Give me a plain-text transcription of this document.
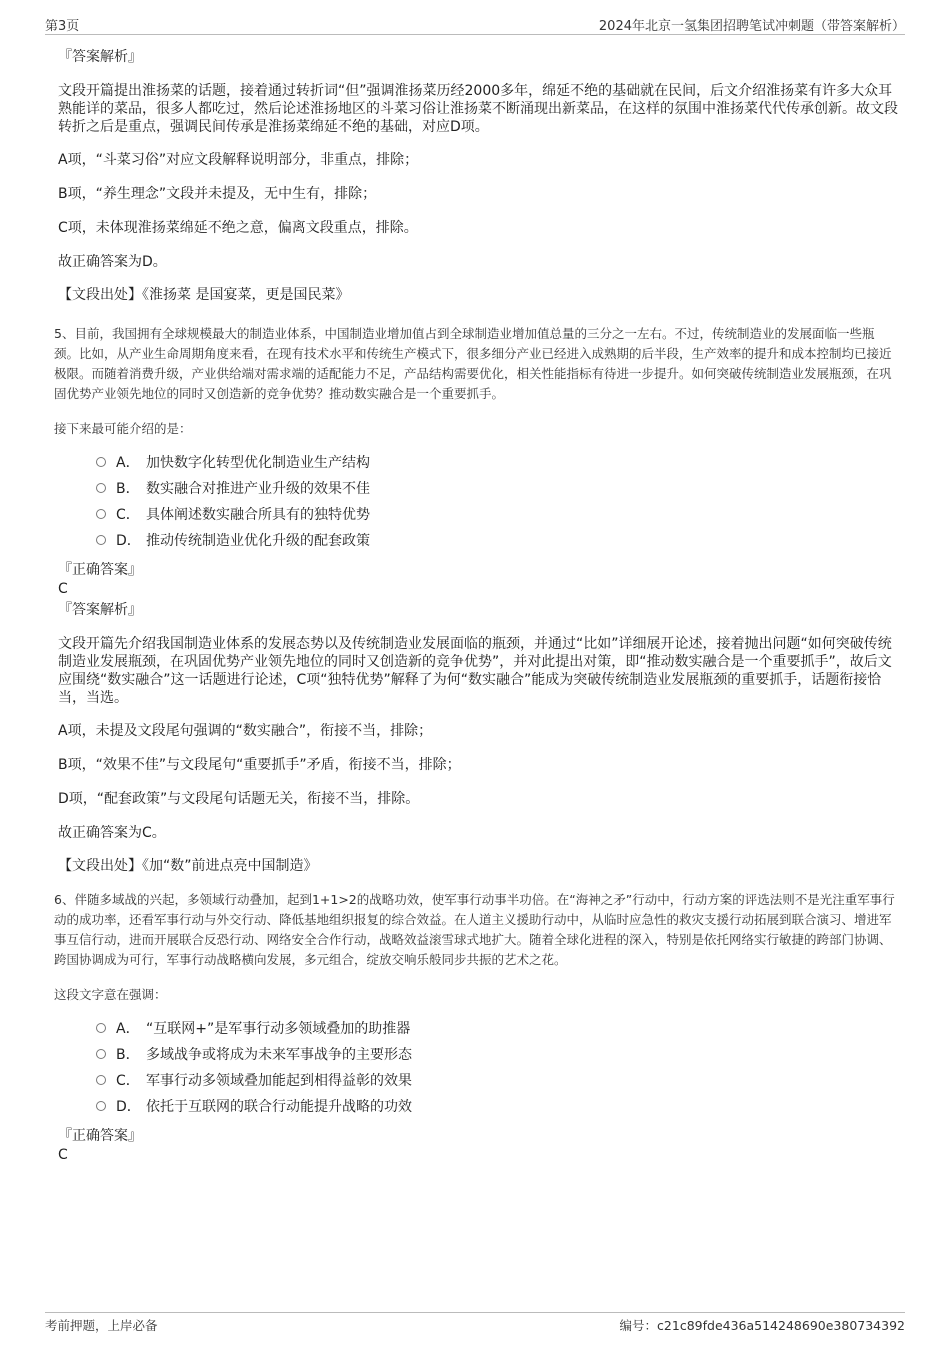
第3页	2024年北京一氢集团招聘笔试冲刺题（带答案解析）

『答案解析』

文段开篇提出淮扬菜的话题，接着通过转折词“但”强调淮扬菜历经2000多年，绵延不绝的基础就在民间，后文介绍淮扬菜有许多大众耳熟能详的菜品，很多人都吃过，然后论述淮扬地区的斗菜习俗让淮扬菜不断涌现出新菜品，在这样的氛围中淮扬菜代代传承创新。故文段转折之后是重点，强调民间传承是淮扬菜绵延不绝的基础，对应D项。

A项，“斗菜习俗”对应文段解释说明部分，非重点，排除；

B项，“养生理念”文段并未提及，无中生有，排除；

C项，未体现淮扬菜绵延不绝之意，偏离文段重点，排除。

故正确答案为D。

【文段出处】《淮扬菜 是国宴菜，更是国民菜》

5、目前，我国拥有全球规模最大的制造业体系，中国制造业增加值占到全球制造业增加值总量的三分之一左右。不过，传统制造业的发展面临一些瓶颈。比如，从产业生命周期角度来看，在现有技术水平和传统生产模式下，很多细分产业已经进入成熟期的后半段，生产效率的提升和成本控制均已接近极限。而随着消费升级，产业供给端对需求端的适配能力不足，产品结构需要优化，相关性能指标有待进一步提升。如何突破传统制造业发展瓶颈，在巩固优势产业领先地位的同时又创造新的竞争优势？推动数实融合是一个重要抓手。

接下来最可能介绍的是：

A． 加快数字化转型优化制造业生产结构
B． 数实融合对推进产业升级的效果不佳
C． 具体阐述数实融合所具有的独特优势
D． 推动传统制造业优化升级的配套政策

『正确答案』

C

『答案解析』

文段开篇先介绍我国制造业体系的发展态势以及传统制造业发展面临的瓶颈，并通过“比如”详细展开论述，接着抛出问题“如何突破传统制造业发展瓶颈，在巩固优势产业领先地位的同时又创造新的竞争优势”，并对此提出对策，即“推动数实融合是一个重要抓手”，故后文应围绕“数实融合”这一话题进行论述，C项“独特优势”解释了为何“数实融合”能成为突破传统制造业发展瓶颈的重要抓手，话题衔接恰当，当选。

A项，未提及文段尾句强调的“数实融合”，衔接不当，排除；

B项，“效果不佳”与文段尾句“重要抓手”矛盾，衔接不当，排除；

D项，“配套政策”与文段尾句话题无关，衔接不当，排除。

故正确答案为C。

【文段出处】《加“数”前进点亮中国制造》

6、伴随多域战的兴起，多领域行动叠加，起到1+1>2的战略功效，使军事行动事半功倍。在“海神之矛”行动中，行动方案的评选法则不是光注重军事行动的成功率，还看军事行动与外交行动、降低基地组织报复的综合效益。在人道主义援助行动中，从临时应急性的救灾支援行动拓展到联合演习、增进军事互信行动，进而开展联合反恐行动、网络安全合作行动，战略效益滚雪球式地扩大。随着全球化进程的深入，特别是依托网络实行敏捷的跨部门协调、跨国协调成为可行，军事行动战略横向发展，多元组合，绽放交响乐般同步共振的艺术之花。

这段文字意在强调：

A． “互联网+”是军事行动多领域叠加的助推器
B． 多域战争或将成为未来军事战争的主要形态
C． 军事行动多领域叠加能起到相得益彰的效果
D． 依托于互联网的联合行动能提升战略的功效

『正确答案』

C

考前押题，上岸必备	编号：c21c89fde436a514248690e380734392
